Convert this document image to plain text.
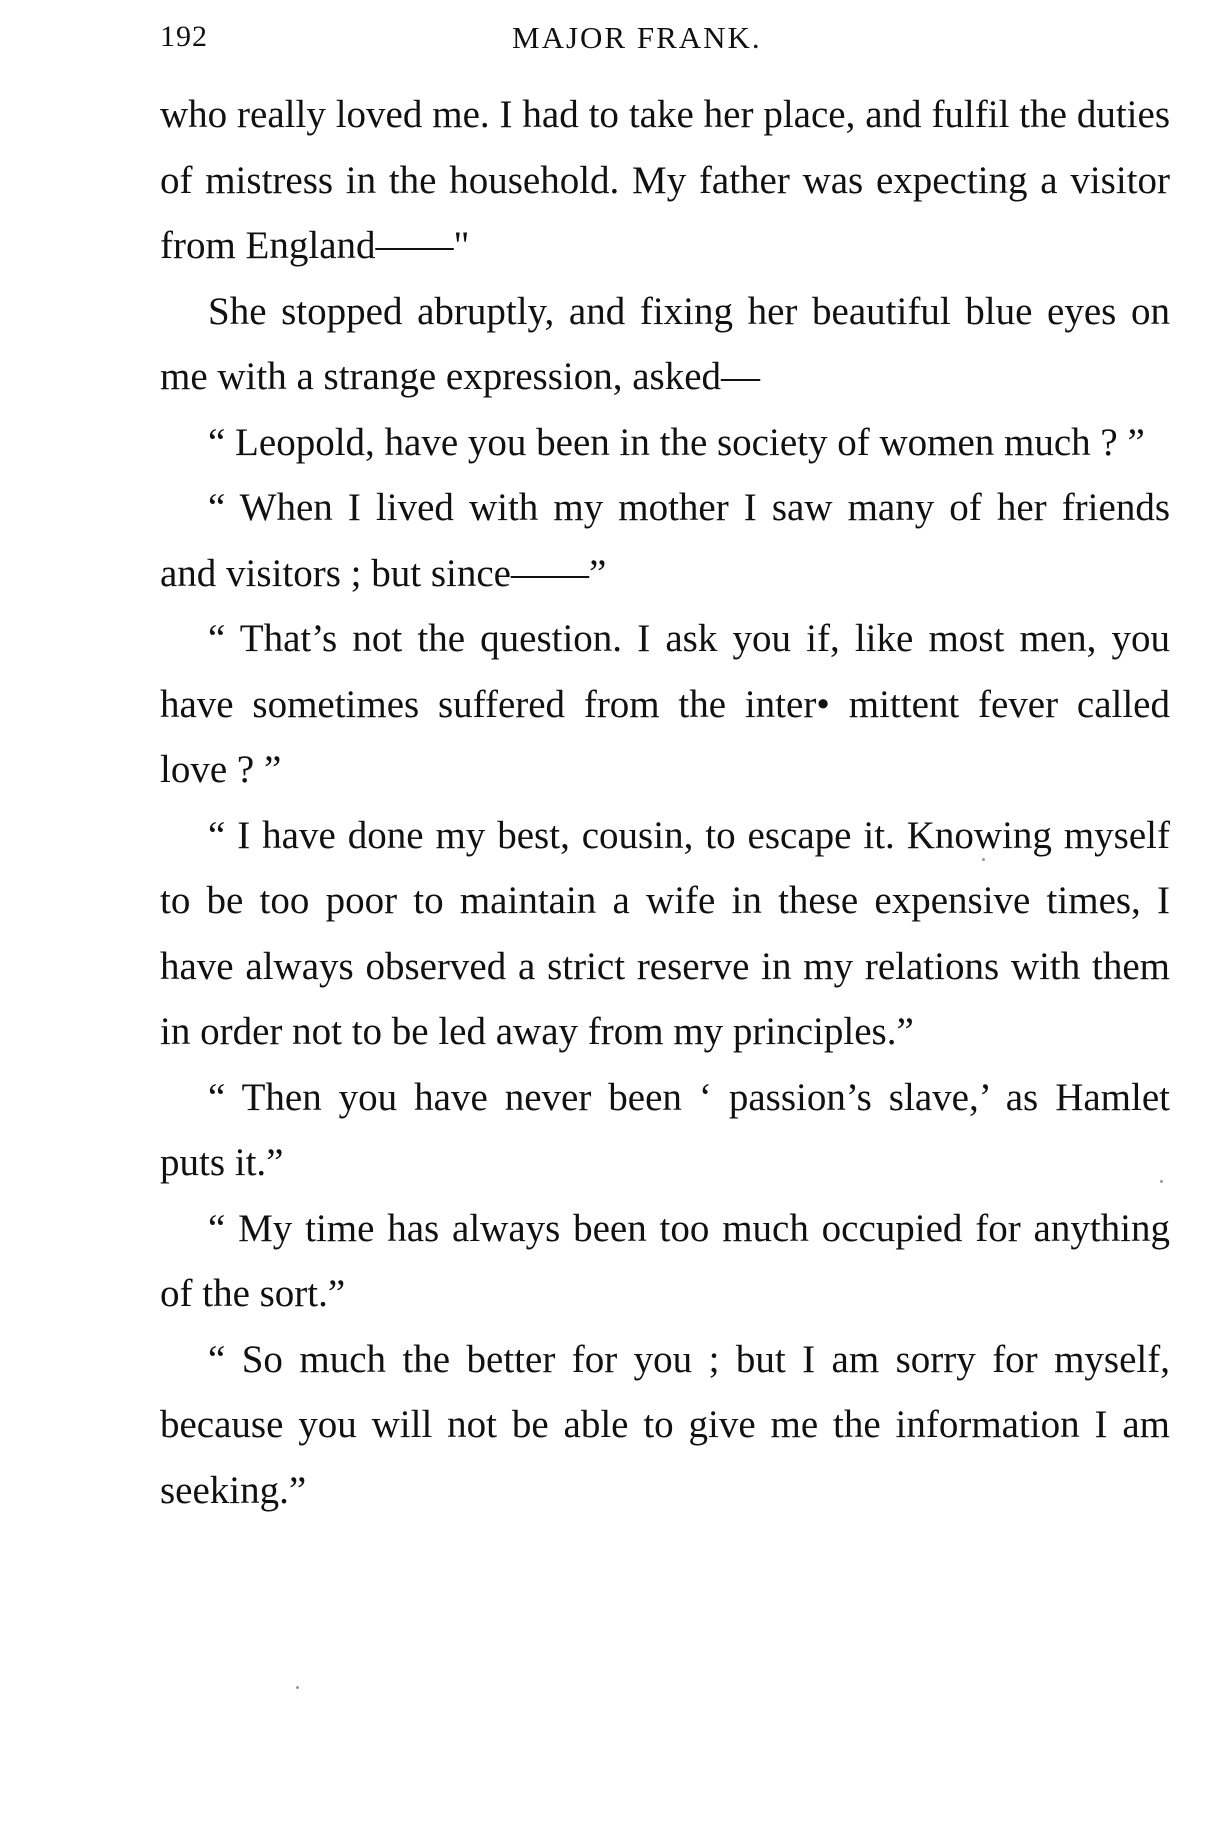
192	MAJOR FRANK.

who really loved me. I had to take her place, and fulfil the duties of mistress in the household. My father was expecting a visitor from England——"

She stopped abruptly, and fixing her beautiful blue eyes on me with a strange expression, asked—

“ Leopold, have you been in the society of women much ? ”

“ When I lived with my mother I saw many of her friends and visitors ; but since——”

“ That’s not the question. I ask you if, like most men, you have sometimes suffered from the inter• mittent fever called love ? ”

“ I have done my best, cousin, to escape it. Knowing myself to be too poor to maintain a wife in these expensive times, I have always observed a strict reserve in my relations with them in order not to be led away from my principles.”

“ Then you have never been ‘ passion’s slave,’ as Hamlet puts it.”

“ My time has always been too much occupied for anything of the sort.”

“ So much the better for you ; but I am sorry for myself, because you will not be able to give me the information I am seeking.”
